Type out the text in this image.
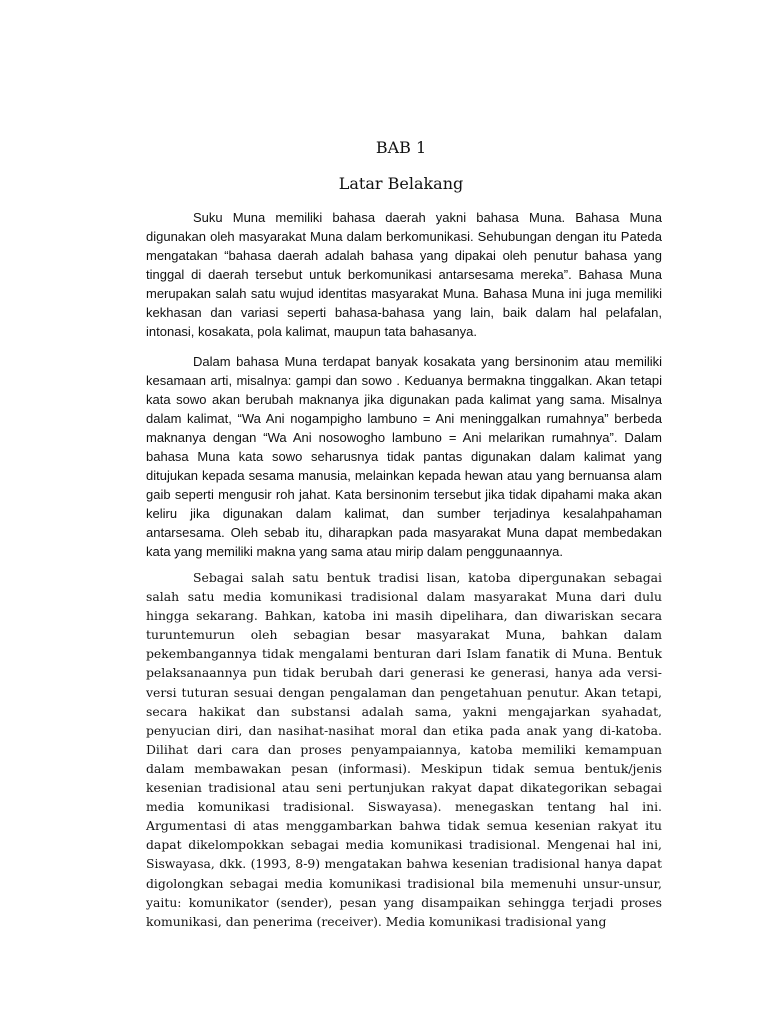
BAB 1
Latar Belakang

Suku Muna memiliki bahasa daerah yakni bahasa Muna. Bahasa Muna digunakan oleh masyarakat Muna dalam berkomunikasi. Sehubungan dengan itu Pateda mengatakan “bahasa daerah adalah bahasa yang dipakai oleh penutur bahasa yang tinggal di daerah tersebut untuk berkomunikasi antarsesama mereka”. Bahasa Muna merupakan salah satu wujud identitas masyarakat Muna. Bahasa Muna ini juga memiliki kekhasan dan variasi seperti bahasa-bahasa yang lain, baik dalam hal pelafalan, intonasi, kosakata, pola kalimat, maupun tata bahasanya.

Dalam bahasa Muna terdapat banyak kosakata yang bersinonim atau memiliki kesamaan arti, misalnya: gampi dan sowo . Keduanya bermakna tinggalkan. Akan tetapi kata sowo akan berubah maknanya jika digunakan pada kalimat yang sama. Misalnya dalam kalimat, “Wa Ani nogampigho lambuno = Ani meninggalkan rumahnya” berbeda maknanya dengan “Wa Ani nosowogho lambuno = Ani melarikan rumahnya”. Dalam bahasa Muna kata sowo seharusnya tidak pantas digunakan dalam kalimat yang ditujukan kepada sesama manusia, melainkan kepada hewan atau yang bernuansa alam gaib seperti mengusir roh jahat. Kata bersinonim tersebut jika tidak dipahami maka akan keliru jika digunakan dalam kalimat, dan sumber terjadinya kesalahpahaman antarsesama. Oleh sebab itu, diharapkan pada masyarakat Muna dapat membedakan kata yang memiliki makna yang sama atau mirip dalam penggunaannya.

Sebagai salah satu bentuk tradisi lisan, katoba dipergunakan sebagai salah satu media komunikasi tradisional dalam masyarakat Muna dari dulu hingga sekarang. Bahkan, katoba ini masih dipelihara, dan diwariskan secara turuntemurun oleh sebagian besar masyarakat Muna, bahkan dalam pekembangannya tidak mengalami benturan dari Islam fanatik di Muna. Bentuk pelaksanaannya pun tidak berubah dari generasi ke generasi, hanya ada versi-versi tuturan sesuai dengan pengalaman dan pengetahuan penutur. Akan tetapi, secara hakikat dan substansi adalah sama, yakni mengajarkan syahadat, penyucian diri, dan nasihat-nasihat moral dan etika pada anak yang di-katoba. Dilihat dari cara dan proses penyampaiannya, katoba memiliki kemampuan dalam membawakan pesan (informasi). Meskipun tidak semua bentuk/jenis kesenian tradisional atau seni pertunjukan rakyat dapat dikategorikan sebagai media komunikasi tradisional. Siswayasa). menegaskan tentang hal ini. Argumentasi di atas menggambarkan bahwa tidak semua kesenian rakyat itu dapat dikelompokkan sebagai media komunikasi tradisional. Mengenai hal ini, Siswayasa, dkk. (1993, 8-9) mengatakan bahwa kesenian tradisional hanya dapat digolongkan sebagai media komunikasi tradisional bila memenuhi unsur-unsur, yaitu: komunikator (sender), pesan yang disampaikan sehingga terjadi proses komunikasi, dan penerima (receiver). Media komunikasi tradisional yang
